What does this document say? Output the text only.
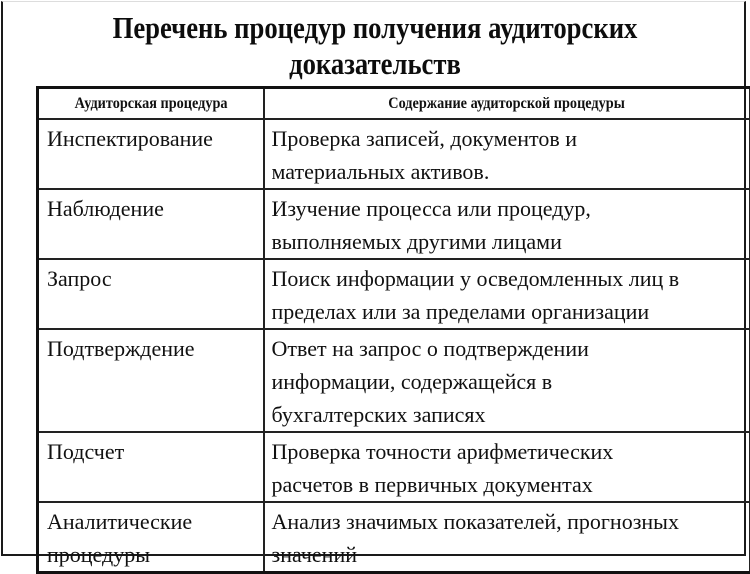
Перечень процедур получения аудиторских
доказательств
Аудиторская процедура	Содержание аудиторской процедуры

Инспектирование	Проверка записей, документов и
материальных активов.

Наблюдение	Изучение процесса или процедур,
выполняемых другими лицами

Запрос	Поиск информации у осведомленных лиц в
пределах или за пределами организации

Подтверждение	Ответ на запрос о подтверждении
информации, содержащейся в
бухгалтерских записях

Подсчет	Проверка точности арифметических
расчетов в первичных документах

Аналитические
процедуры	Анализ значимых показателей, прогнозных
значений
